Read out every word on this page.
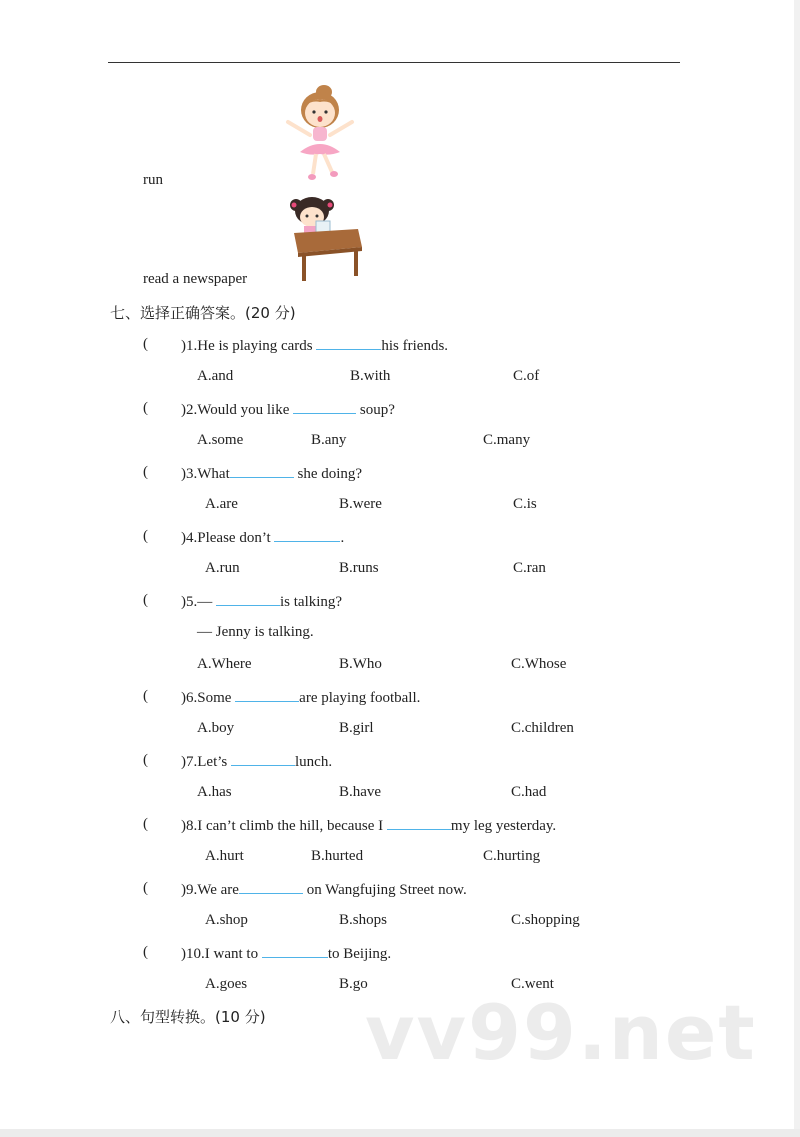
run
read a newspaper
七、选择正确答案。(20 分)
( )1.He is playing cards	his friends.
A.and	B.with	C.of
( )2.Would you like	soup?
A.some	B.any	C.many
( )3.What	she doing?
A.are	B.were	C.is
( )4.Please don’t	.
A.run	B.runs	C.ran
( )5.—	is talking?
— Jenny is talking.
A.Where	B.Who	C.Whose
( )6.Some	are playing football.
A.boy	B.girl	C.children
( )7.Let’s	lunch.
A.has	B.have	C.had
( )8.I can’t climb the hill, because I	my leg yesterday.
A.hurt	B.hurted	C.hurting
( )9.We are	on Wangfujing Street now.
A.shop	B.shops	C.shopping
( )10.I want to	to Beijing.
A.goes	B.go	C.went
八、句型转换。(10 分) vv99.net
